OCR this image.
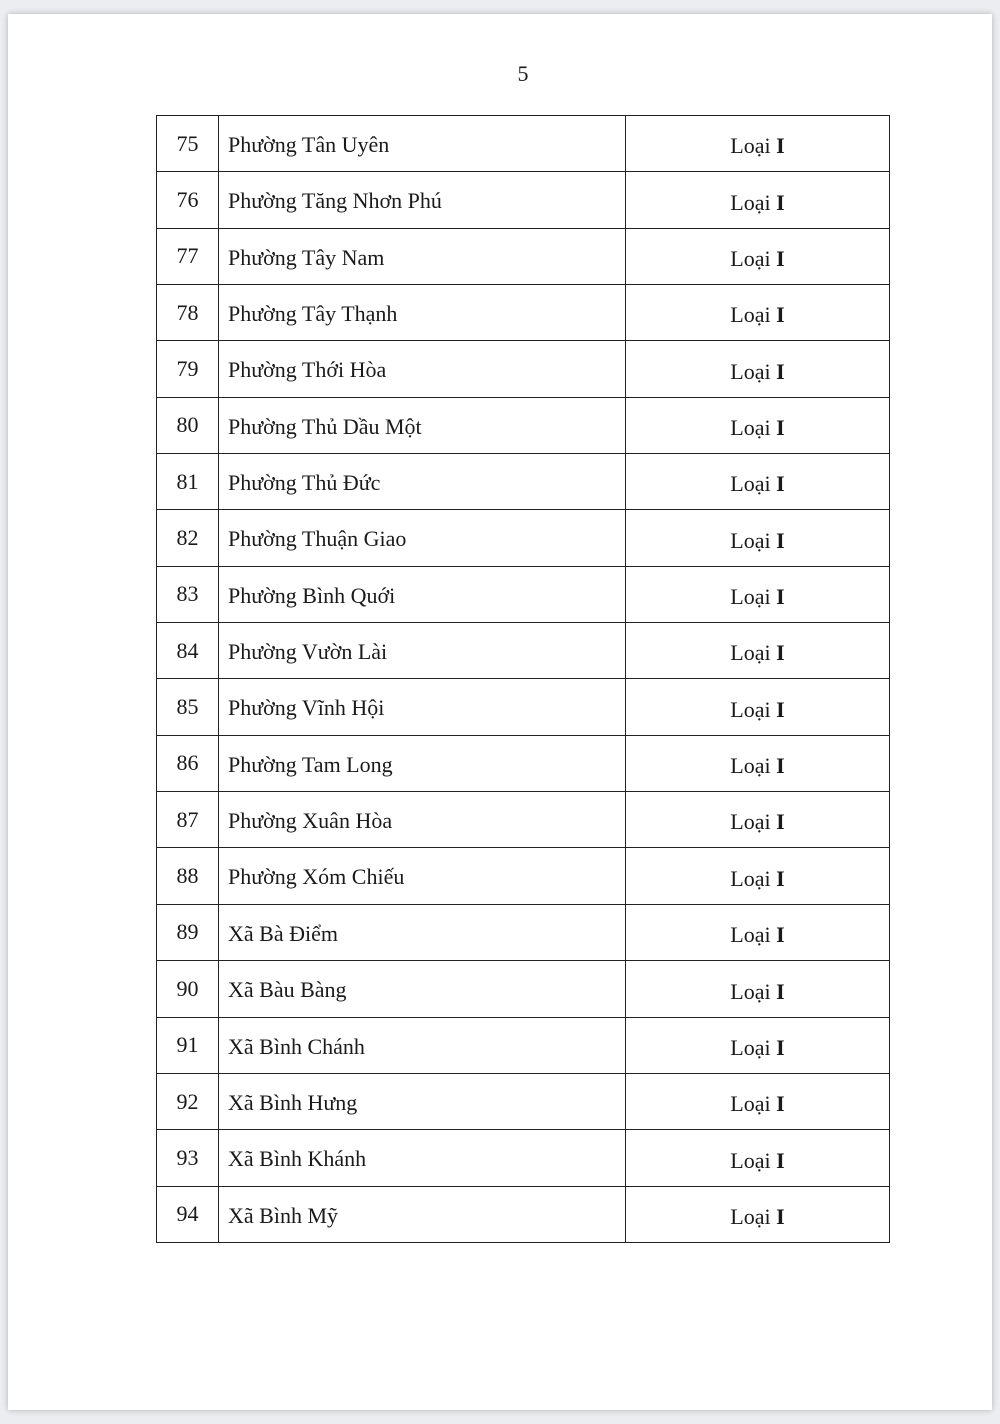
5
75	Phường Tân Uyên	Loại I
76	Phường Tăng Nhơn Phú	Loại I
77	Phường Tây Nam	Loại I
78	Phường Tây Thạnh	Loại I
79	Phường Thới Hòa	Loại I
80	Phường Thủ Dầu Một	Loại I
81	Phường Thủ Đức	Loại I
82	Phường Thuận Giao	Loại I
83	Phường Bình Quới	Loại I
84	Phường Vườn Lài	Loại I
85	Phường Vĩnh Hội	Loại I
86	Phường Tam Long	Loại I
87	Phường Xuân Hòa	Loại I
88	Phường Xóm Chiếu	Loại I
89	Xã Bà Điểm	Loại I
90	Xã Bàu Bàng	Loại I
91	Xã Bình Chánh	Loại I
92	Xã Bình Hưng	Loại I
93	Xã Bình Khánh	Loại I
94	Xã Bình Mỹ	Loại I
